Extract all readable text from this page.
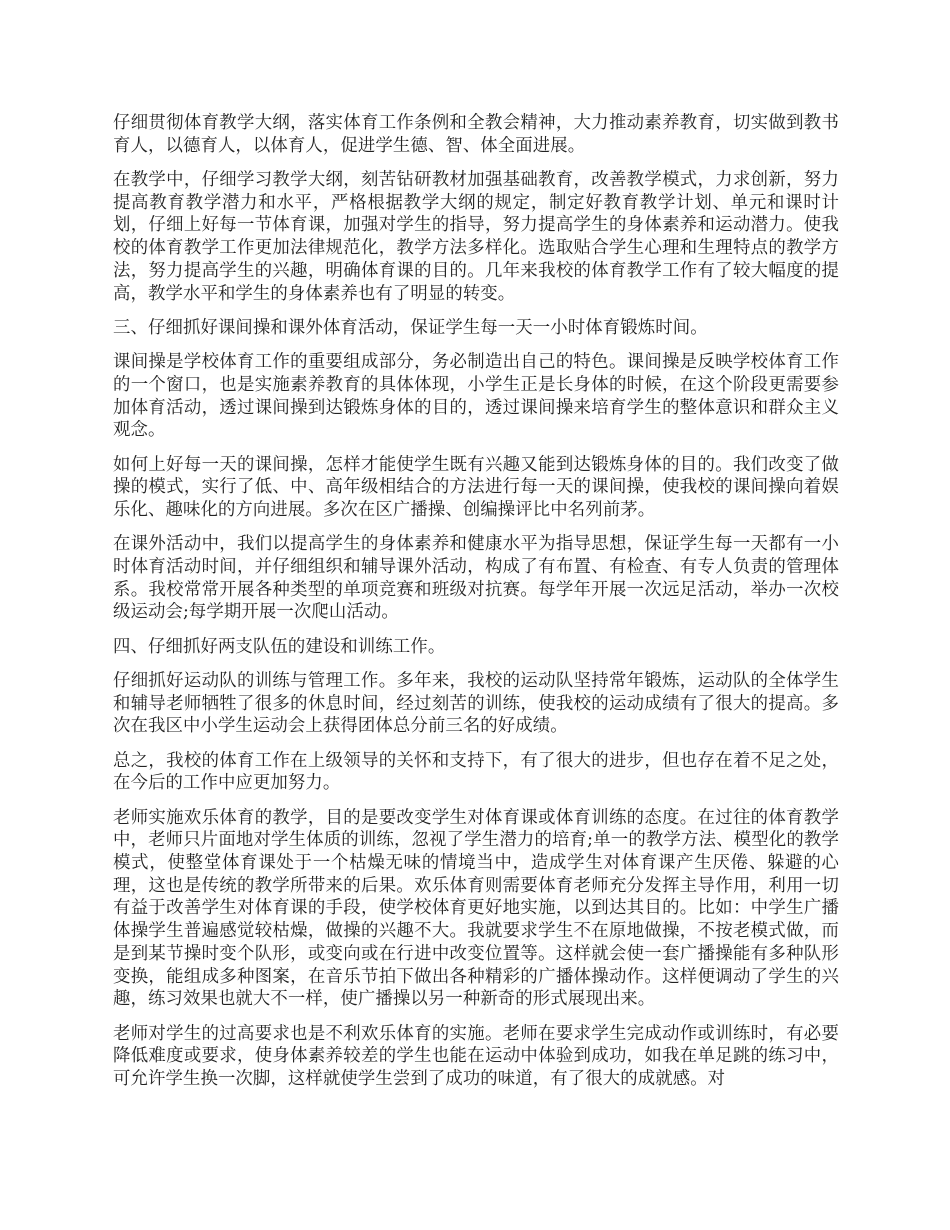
仔细贯彻体育教学大纲，落实体育工作条例和全教会精神，大力推动素养教育，切实做到教书育人，以德育人，以体育人，促进学生德、智、体全面进展。

在教学中，仔细学习教学大纲，刻苦钻研教材加强基础教育，改善教学模式，力求创新，努力提高教育教学潜力和水平，严格根据教学大纲的规定，制定好教育教学计划、单元和课时计划，仔细上好每一节体育课，加强对学生的指导，努力提高学生的身体素养和运动潜力。使我校的体育教学工作更加法律规范化，教学方法多样化。选取贴合学生心理和生理特点的教学方法，努力提高学生的兴趣，明确体育课的目的。几年来我校的体育教学工作有了较大幅度的提高，教学水平和学生的身体素养也有了明显的转变。

三、仔细抓好课间操和课外体育活动，保证学生每一天一小时体育锻炼时间。

课间操是学校体育工作的重要组成部分，务必制造出自己的特色。课间操是反映学校体育工作的一个窗口，也是实施素养教育的具体体现，小学生正是长身体的时候，在这个阶段更需要参加体育活动，透过课间操到达锻炼身体的目的，透过课间操来培育学生的整体意识和群众主义观念。

如何上好每一天的课间操，怎样才能使学生既有兴趣又能到达锻炼身体的目的。我们改变了做操的模式，实行了低、中、高年级相结合的方法进行每一天的课间操，使我校的课间操向着娱乐化、趣味化的方向进展。多次在区广播操、创编操评比中名列前茅。

在课外活动中，我们以提高学生的身体素养和健康水平为指导思想，保证学生每一天都有一小时体育活动时间，并仔细组织和辅导课外活动，构成了有布置、有检查、有专人负责的管理体系。我校常常开展各种类型的单项竞赛和班级对抗赛。每学年开展一次远足活动，举办一次校级运动会;每学期开展一次爬山活动。

四、仔细抓好两支队伍的建设和训练工作。

仔细抓好运动队的训练与管理工作。多年来，我校的运动队坚持常年锻炼，运动队的全体学生和辅导老师牺牲了很多的休息时间，经过刻苦的训练，使我校的运动成绩有了很大的提高。多次在我区中小学生运动会上获得团体总分前三名的好成绩。

总之，我校的体育工作在上级领导的关怀和支持下，有了很大的进步，但也存在着不足之处，在今后的工作中应更加努力。

老师实施欢乐体育的教学，目的是要改变学生对体育课或体育训练的态度。在过往的体育教学中，老师只片面地对学生体质的训练，忽视了学生潜力的培育;单一的教学方法、模型化的教学模式，使整堂体育课处于一个枯燥无味的情境当中，造成学生对体育课产生厌倦、躲避的心理，这也是传统的教学所带来的后果。欢乐体育则需要体育老师充分发挥主导作用，利用一切有益于改善学生对体育课的手段，使学校体育更好地实施，以到达其目的。比如：中学生广播体操学生普遍感觉较枯燥，做操的兴趣不大。我就要求学生不在原地做操，不按老模式做，而是到某节操时变个队形，或变向或在行进中改变位置等。这样就会使一套广播操能有多种队形变换，能组成多种图案，在音乐节拍下做出各种精彩的广播体操动作。这样便调动了学生的兴趣，练习效果也就大不一样，使广播操以另一种新奇的形式展现出来。

老师对学生的过高要求也是不利欢乐体育的实施。老师在要求学生完成动作或训练时，有必要降低难度或要求，使身体素养较差的学生也能在运动中体验到成功，如我在单足跳的练习中，可允许学生换一次脚，这样就使学生尝到了成功的味道，有了很大的成就感。对
